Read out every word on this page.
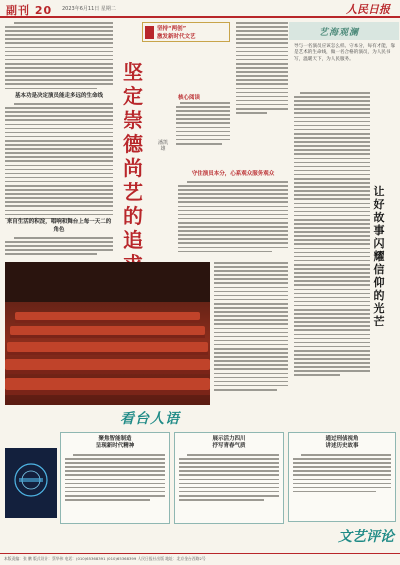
副刊 20 2023年6月11日 星期二	人民日报
基本功是决定演员能走多远的生命线
坚持“两创”
激发新时代文艺
坚定崇德尚艺的追
潘凯雄
核心阅读
守住演员本分，心系观众服务观众
来自生活的积淀，唱响和舞台上每一天二的角色
艺海观澜

导与一名演员应该怎么样。守本分，每有才能，靠是艺术的生命线，做一名合格的演员，为人民书写，温暖天下，为人民服务。

让好故事闪耀信仰的光芒
看台人语
聚焦智能制造
呈现新时代精神
展示活力四川
抒写青春气质
通过刑侦视角
讲述历史故事
文艺评论
本版责编：张 鹏 版式设计：蔡华伟 电话：(010)65368391 (010)65368399 人民日报社出版 地址：北京金台西路2号
